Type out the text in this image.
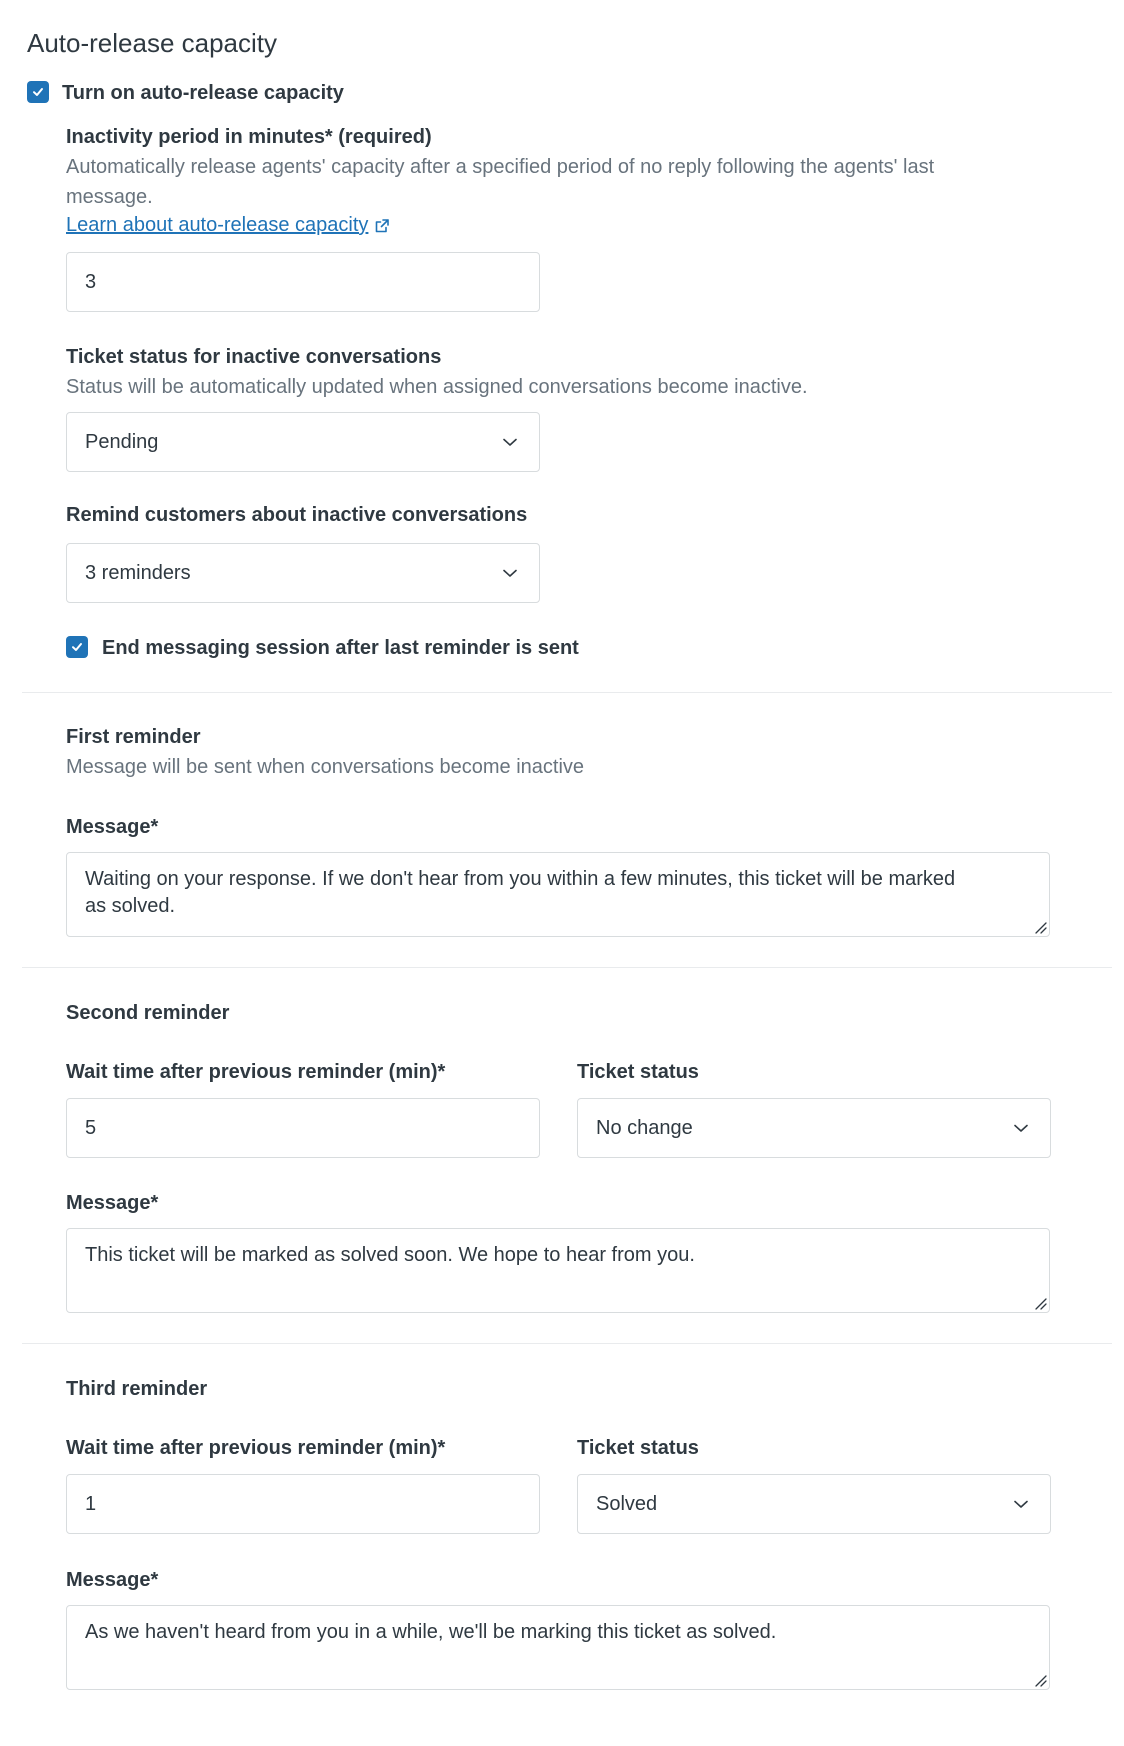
Auto-release capacity
Turn on auto-release capacity
Inactivity period in minutes* (required)
Automatically release agents' capacity after a specified period of no reply following the agents' last
message.
Learn about auto-release capacity
3
Ticket status for inactive conversations
Status will be automatically updated when assigned conversations become inactive.
Pending
Remind customers about inactive conversations
3 reminders
End messaging session after last reminder is sent
First reminder
Message will be sent when conversations become inactive
Message*
Waiting on your response. If we don't hear from you within a few minutes, this ticket will be marked
as solved.
Second reminder
Wait time after previous reminder (min)*	Ticket status
5	No change
Message*
This ticket will be marked as solved soon. We hope to hear from you.
Third reminder
Wait time after previous reminder (min)*	Ticket status
1	Solved
Message*
As we haven't heard from you in a while, we'll be marking this ticket as solved.
